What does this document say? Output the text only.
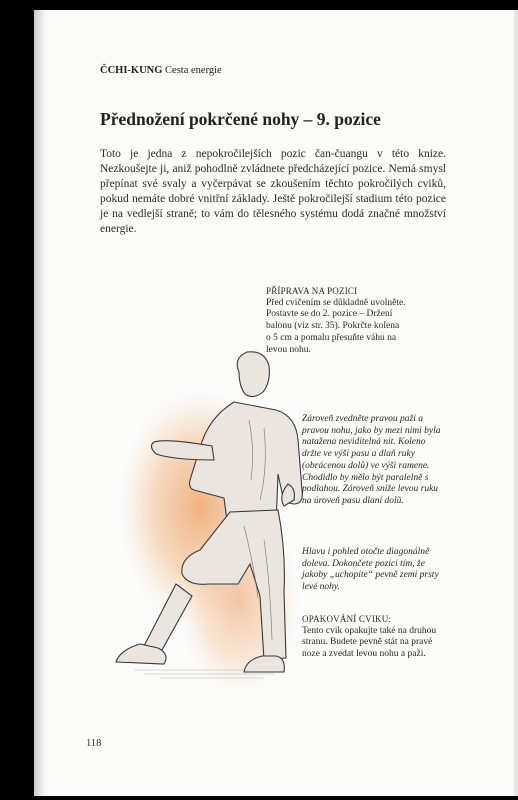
ČCHI-KUNG Cesta energie
Přednožení pokrčené nohy – 9. pozice
Toto je jedna z nepokročilejších pozic čan-čuangu v této knize. Nezkoušejte ji, aniž pohodlně zvládnete předcházející pozice. Nemá smysl přepínat své svaly a vyčerpávat se zkoušením těchto pokročilých cviků, pokud nemáte dobré vnitřní základy. Ještě pokročilejší stadium této pozice je na vedlejší straně; to vám do tělesného systému dodá značné množství energie.
PŘÍPRAVA NA POZICI
Před cvičením se důkladně uvolněte. Postavte se do 2. pozice – Držení balonu (viz str. 35). Pokrčte kolena o 5 cm a pomalu přesuňte váhu na levou nohu.
Zároveň zvedněte pravou paži a pravou nohu, jako by mezi nimi byla natažena neviditelná nit. Koleno držte ve výši pasu a dlaň ruky (obrácenou dolů) ve výši ramene. Chodidlo by mělo být paralelně s podlahou. Zároveň sniže levou ruku na úroveň pasu dlaní dolů.
Hlavu i pohled otočte diagonálně doleva. Dokončete pozici tím, že jakoby „uchopíte“ pevně zemi prsty levé nohy.
OPAKOVÁNÍ CVIKU:
Tento cvik opakujte také na druhou stranu. Budete pevně stát na pravé noze a zvedat levou nohu a paži.
118
